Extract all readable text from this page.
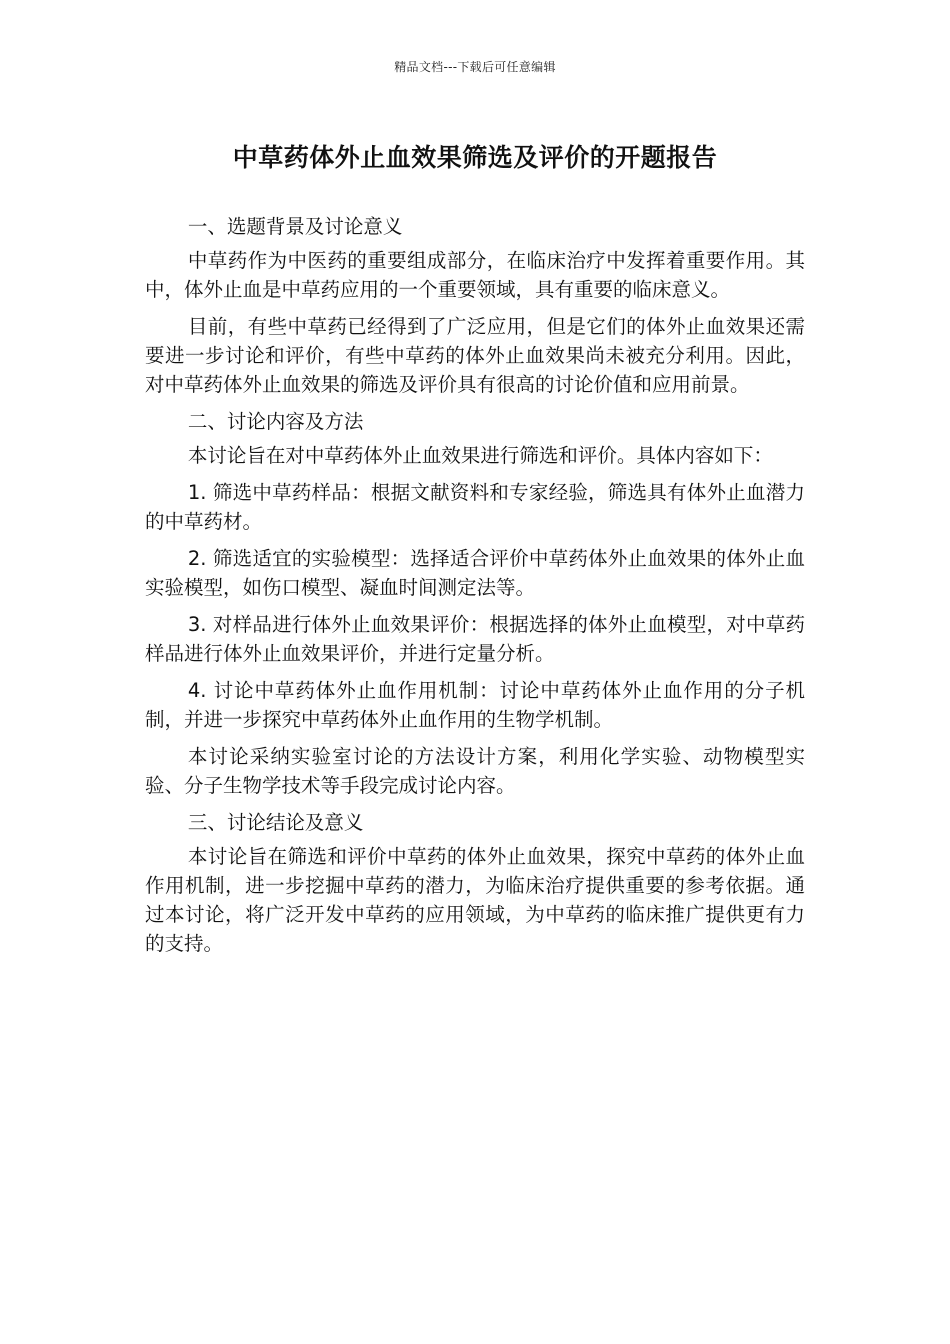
精品文档---下载后可任意编辑
中草药体外止血效果筛选及评价的开题报告

一、选题背景及讨论意义

中草药作为中医药的重要组成部分，在临床治疗中发挥着重要作用。其中，体外止血是中草药应用的一个重要领域，具有重要的临床意义。

目前，有些中草药已经得到了广泛应用，但是它们的体外止血效果还需要进一步讨论和评价，有些中草药的体外止血效果尚未被充分利用。因此，对中草药体外止血效果的筛选及评价具有很高的讨论价值和应用前景。

二、讨论内容及方法

本讨论旨在对中草药体外止血效果进行筛选和评价。具体内容如下：

1. 筛选中草药样品：根据文献资料和专家经验，筛选具有体外止血潜力的中草药材。

2. 筛选适宜的实验模型：选择适合评价中草药体外止血效果的体外止血实验模型，如伤口模型、凝血时间测定法等。

3. 对样品进行体外止血效果评价：根据选择的体外止血模型，对中草药样品进行体外止血效果评价，并进行定量分析。

4. 讨论中草药体外止血作用机制：讨论中草药体外止血作用的分子机制，并进一步探究中草药体外止血作用的生物学机制。

本讨论采纳实验室讨论的方法设计方案，利用化学实验、动物模型实验、分子生物学技术等手段完成讨论内容。

三、讨论结论及意义

本讨论旨在筛选和评价中草药的体外止血效果，探究中草药的体外止血作用机制，进一步挖掘中草药的潜力，为临床治疗提供重要的参考依据。通过本讨论，将广泛开发中草药的应用领域，为中草药的临床推广提供更有力的支持。
